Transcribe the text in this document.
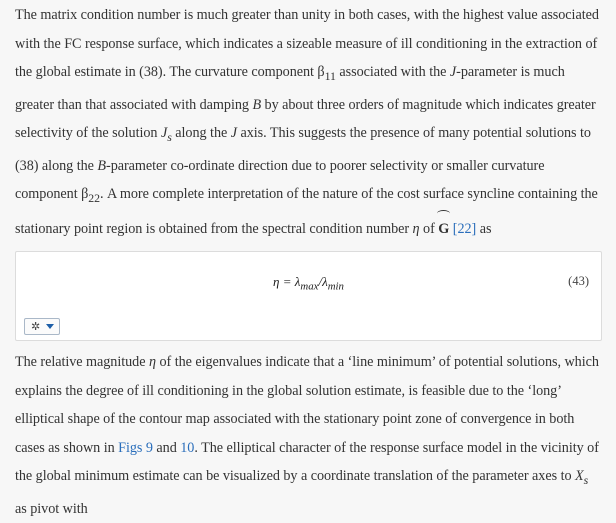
The matrix condition number is much greater than unity in both cases, with the highest value associated
with the FC response surface, which indicates a sizeable measure of ill conditioning in the extraction of
the global estimate in (38). The curvature component $\beta_{11}$ associated with the J-parameter is much
greater than that associated with damping B by about three orders of magnitude which indicates greater
selectivity of the solution $J_s$ along the J axis. This suggests the presence of many potential solutions to
(38) along the B-parameter co-ordinate direction due to poorer selectivity or smaller curvature
component $\beta_{22}$. A more complete interpretation of the nature of the cost surface syncline containing the
stationary point region is obtained from the spectral condition number η of
G [22] as

$\eta = \lambda_{max}/\lambda_{min}$	(43)
✲

The relative magnitude η of the eigenvalues indicate that a ‘line minimum’ of potential solutions, which
explains the degree of ill conditioning in the global solution estimate, is feasible due to the ‘long’
elliptical shape of the contour map associated with the stationary point zone of convergence in both
cases as shown in Figs 9 and 10. The elliptical character of the response surface model in the vicinity of
the global minimum estimate can be visualized by a coordinate translation of the parameter axes to $X_s$
as pivot with
